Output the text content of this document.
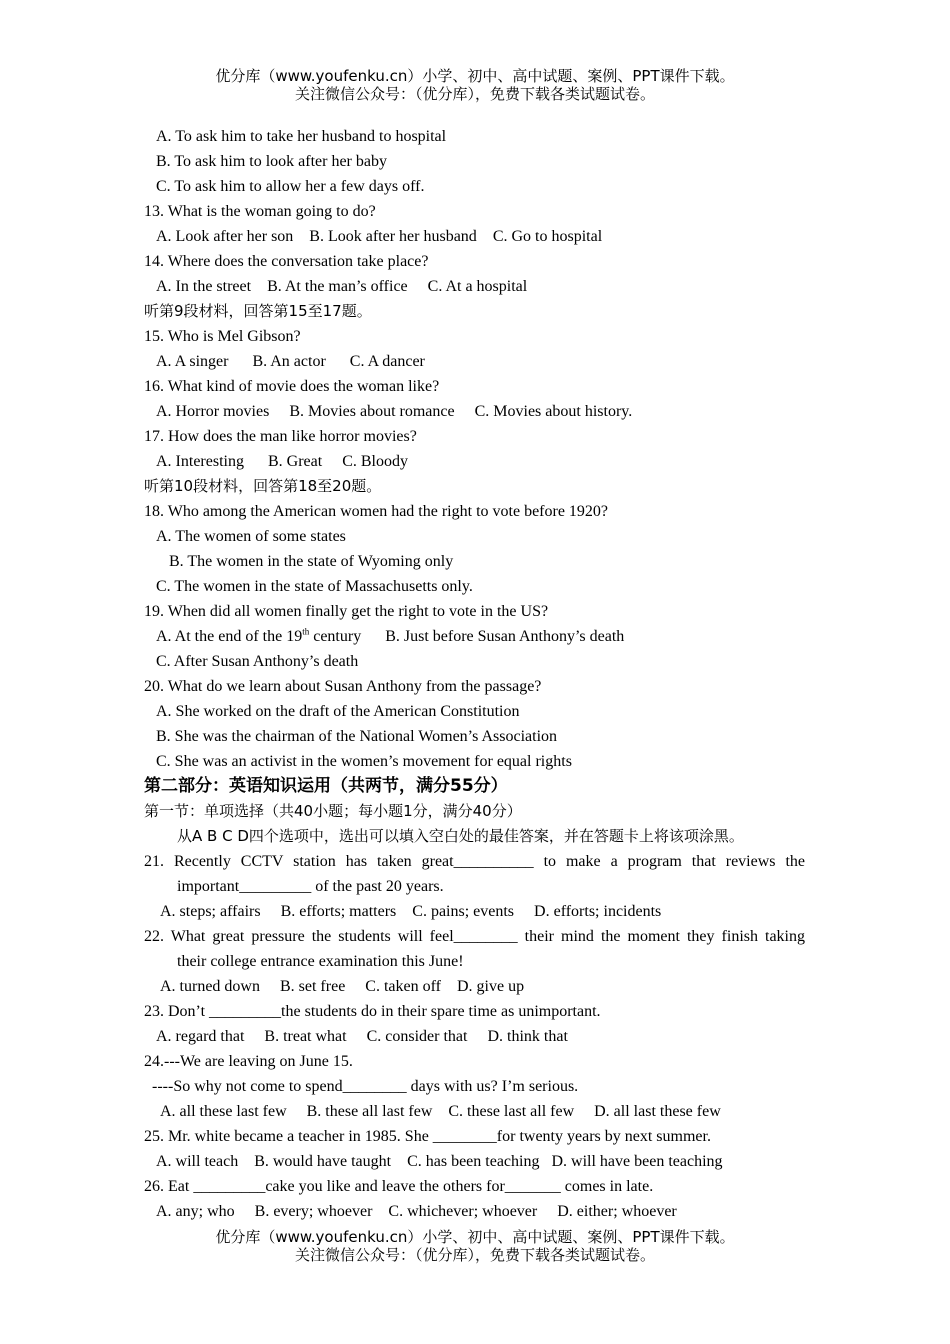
优分库（www.youfenku.cn）小学、初中、高中试题、案例、PPT课件下载。
关注微信公众号：（优分库），免费下载各类试题试卷。
A. To ask him to take her husband to hospital
B. To ask him to look after her baby
C. To ask him to allow her a few days off.
13. What is the woman going to do?
A. Look after her son B. Look after her husband C. Go to hospital
14. Where does the conversation take place?
A. In the street B. At the man’s office C. At a hospital
听第9段材料，回答第15至17题。
15. Who is Mel Gibson?
A. A singer B. An actor C. A dancer
16. What kind of movie does the woman like?
A. Horror movies B. Movies about romance C. Movies about history.
17. How does the man like horror movies?
A. Interesting B. Great C. Bloody
听第10段材料，回答第18至20题。
18. Who among the American women had the right to vote before 1920?
A. The women of some states
B. The women in the state of Wyoming only
C. The women in the state of Massachusetts only.
19. When did all women finally get the right to vote in the US?
A. At the end of the 19th century B. Just before Susan Anthony’s death
C. After Susan Anthony’s death
20. What do we learn about Susan Anthony from the passage?
A. She worked on the draft of the American Constitution
B. She was the chairman of the National Women’s Association
C. She was an activist in the women’s movement for equal rights
第二部分：英语知识运用（共两节，满分55分）
第一节：单项选择（共40小题；每小题1分，满分40分）
从A B C D四个选项中，选出可以填入空白处的最佳答案，并在答题卡上将该项涂黑。
21. Recently CCTV station has taken great__________ to make a program that reviews the
important_________ of the past 20 years.
A. steps; affairs B. efforts; matters C. pains; events D. efforts; incidents
22. What great pressure the students will feel________ their mind the moment they finish taking
their college entrance examination this June!
A. turned down B. set free C. taken off D. give up
23. Don’t _________the students do in their spare time as unimportant.
A. regard that B. treat what C. consider that D. think that
24.---We are leaving on June 15.
----So why not come to spend________ days with us? I’m serious.
A. all these last few B. these all last few C. these last all few D. all last these few
25. Mr. white became a teacher in 1985. She ________for twenty years by next summer.
A. will teach B. would have taught C. has been teaching D. will have been teaching
26. Eat _________cake you like and leave the others for_______ comes in late.
A. any; who B. every; whoever C. whichever; whoever D. either; whoever
优分库（www.youfenku.cn）小学、初中、高中试题、案例、PPT课件下载。
关注微信公众号：（优分库），免费下载各类试题试卷。
